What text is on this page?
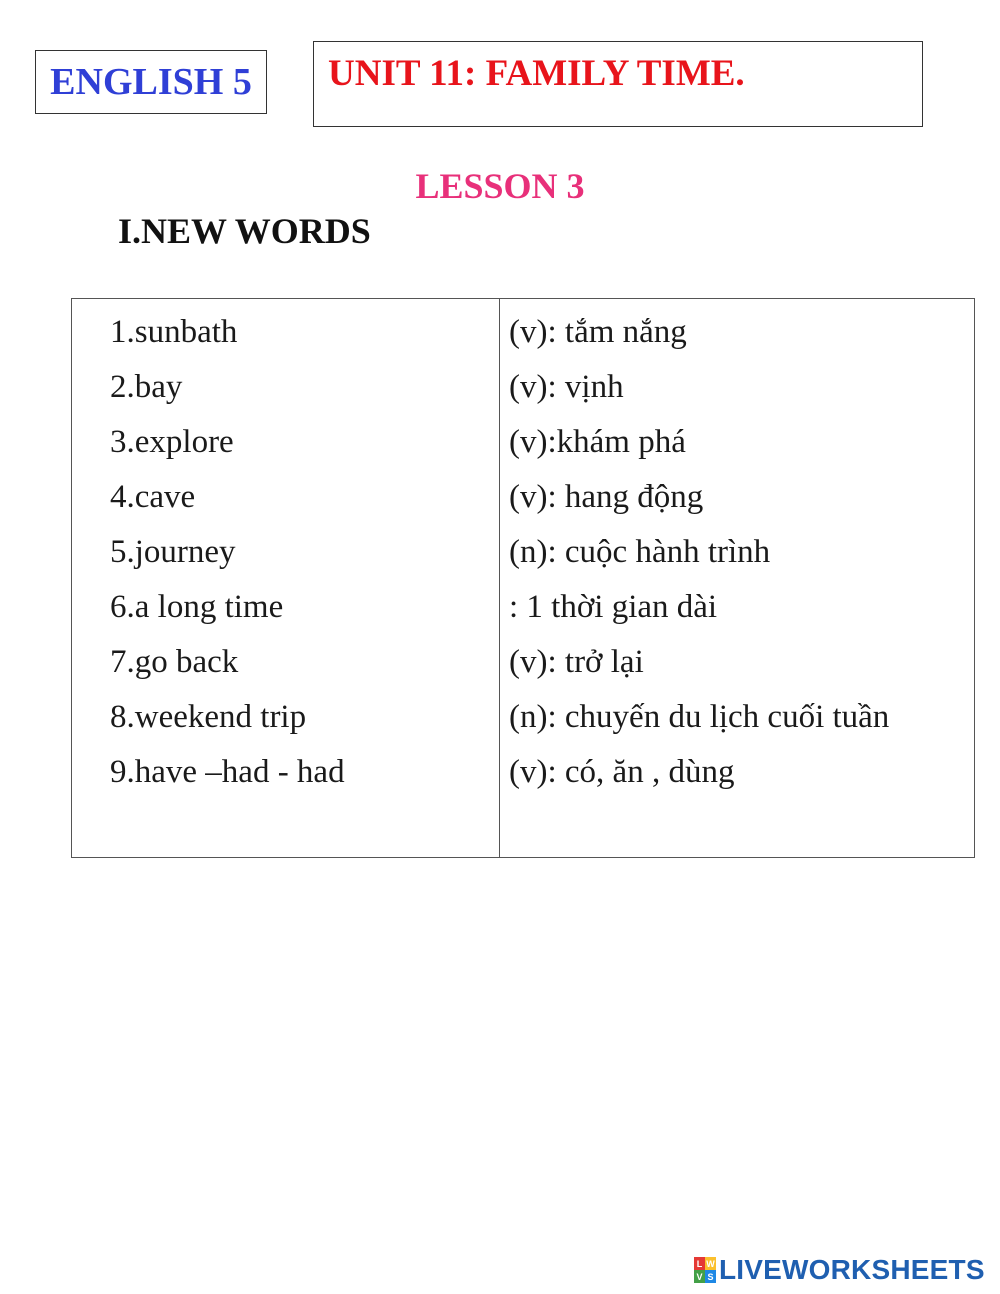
ENGLISH 5 UNIT 11: FAMILY TIME.
LESSON 3
I.NEW WORDS
1.sunbath
2.bay
3.explore
4.cave
5.journey
6.a long time
7.go back
8.weekend trip
9.have –had - had
(v): tắm nắng
(v): vịnh
(v):khám phá
(v): hang động
(n): cuộc hành trình
: 1 thời gian dài
(v): trở lại
(n): chuyến du lịch cuối tuần
(v): có, ăn , dùng
L W
V S LIVEWORKSHEETS
